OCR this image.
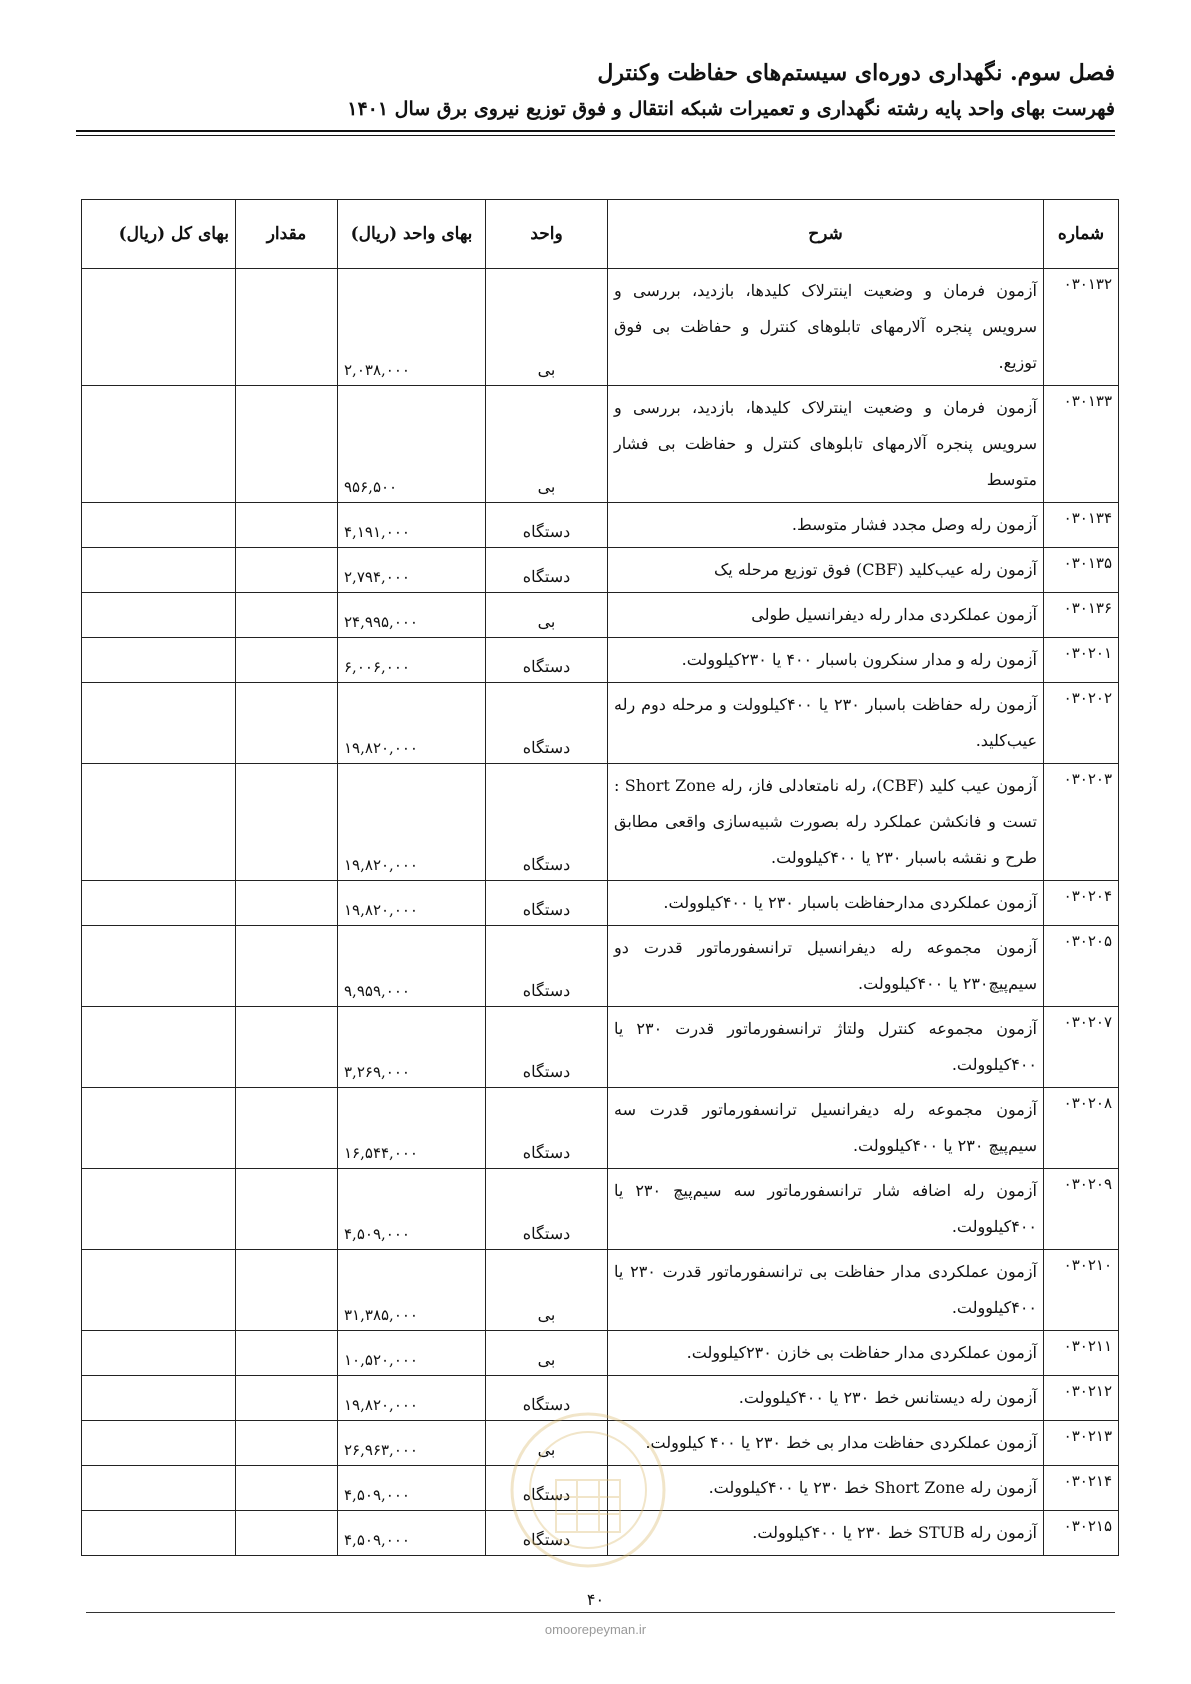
فصل سوم. نگهداری دوره‌ای سیستم‌های حفاظت وکنترل
فهرست بهای واحد پایه رشته نگهداری و تعمیرات شبکه انتقال و فوق توزیع نیروی برق سال ۱۴۰۱
شماره	شرح	واحد	بهای واحد (ریال)	مقدار	بهای کل (ریال)
۰۳۰۱۳۲	آزمون فرمان و وضعیت اینترلاک کلیدها، بازدید، بررسی و سرویس پنجره آلارمهای تابلوهای کنترل و حفاظت بی فوق توزیع.	بی	۲,۰۳۸,۰۰۰		
۰۳۰۱۳۳	آزمون فرمان و وضعیت اینترلاک کلیدها، بازدید، بررسی و سرویس پنجره آلارمهای تابلوهای کنترل و حفاظت بی فشار متوسط	بی	۹۵۶,۵۰۰		
۰۳۰۱۳۴	آزمون رله وصل مجدد فشار متوسط.	دستگاه	۴,۱۹۱,۰۰۰		
۰۳۰۱۳۵	آزمون رله عیب‌کلید (CBF) فوق توزیع مرحله یک	دستگاه	۲,۷۹۴,۰۰۰		
۰۳۰۱۳۶	آزمون عملکردی مدار رله دیفرانسیل طولی	بی	۲۴,۹۹۵,۰۰۰		
۰۳۰۲۰۱	آزمون رله و مدار سنکرون باسبار ۴۰۰ یا ۲۳۰کیلوولت.	دستگاه	۶,۰۰۶,۰۰۰		
۰۳۰۲۰۲	آزمون رله حفاظت باسبار ۲۳۰ یا ۴۰۰کیلوولت و مرحله دوم رله عیب‌کلید.	دستگاه	۱۹,۸۲۰,۰۰۰		
۰۳۰۲۰۳	آزمون عیب کلید (CBF)، رله نامتعادلی فاز، رله Short Zone : تست و فانکشن عملکرد رله بصورت شبیه‌سازی واقعی مطابق طرح و نقشه باسبار ۲۳۰ یا ۴۰۰کیلوولت.	دستگاه	۱۹,۸۲۰,۰۰۰		
۰۳۰۲۰۴	آزمون عملکردی مدارحفاظت باسبار ۲۳۰ یا ۴۰۰کیلوولت.	دستگاه	۱۹,۸۲۰,۰۰۰		
۰۳۰۲۰۵	آزمون مجموعه رله دیفرانسیل ترانسفورماتور قدرت دو سیم‌پیچ۲۳۰ یا ۴۰۰کیلوولت.	دستگاه	۹,۹۵۹,۰۰۰		
۰۳۰۲۰۷	آزمون مجموعه کنترل ولتاژ ترانسفورماتور قدرت ۲۳۰ یا ۴۰۰کیلوولت.	دستگاه	۳,۲۶۹,۰۰۰		
۰۳۰۲۰۸	آزمون مجموعه رله دیفرانسیل ترانسفورماتور قدرت سه سیم‌پیچ ۲۳۰ یا ۴۰۰کیلوولت.	دستگاه	۱۶,۵۴۴,۰۰۰		
۰۳۰۲۰۹	آزمون رله اضافه شار ترانسفورماتور سه سیم‌پیچ ۲۳۰ یا ۴۰۰کیلوولت.	دستگاه	۴,۵۰۹,۰۰۰		
۰۳۰۲۱۰	آزمون عملکردی مدار حفاظت بی ترانسفورماتور قدرت ۲۳۰ یا ۴۰۰کیلوولت.	بی	۳۱,۳۸۵,۰۰۰		
۰۳۰۲۱۱	آزمون عملکردی مدار حفاظت بی خازن ۲۳۰کیلوولت.	بی	۱۰,۵۲۰,۰۰۰		
۰۳۰۲۱۲	آزمون رله دیستانس خط ۲۳۰ یا ۴۰۰کیلوولت.	دستگاه	۱۹,۸۲۰,۰۰۰		
۰۳۰۲۱۳	آزمون عملکردی حفاظت مدار بی خط ۲۳۰ یا ۴۰۰ کیلوولت.	بی	۲۶,۹۶۳,۰۰۰		
۰۳۰۲۱۴	آزمون رله Short Zone خط ۲۳۰ یا ۴۰۰کیلوولت.	دستگاه	۴,۵۰۹,۰۰۰		
۰۳۰۲۱۵	آزمون رله STUB خط ۲۳۰ یا ۴۰۰کیلوولت.	دستگاه	۴,۵۰۹,۰۰۰		
۴۰
omoorepeyman.ir
